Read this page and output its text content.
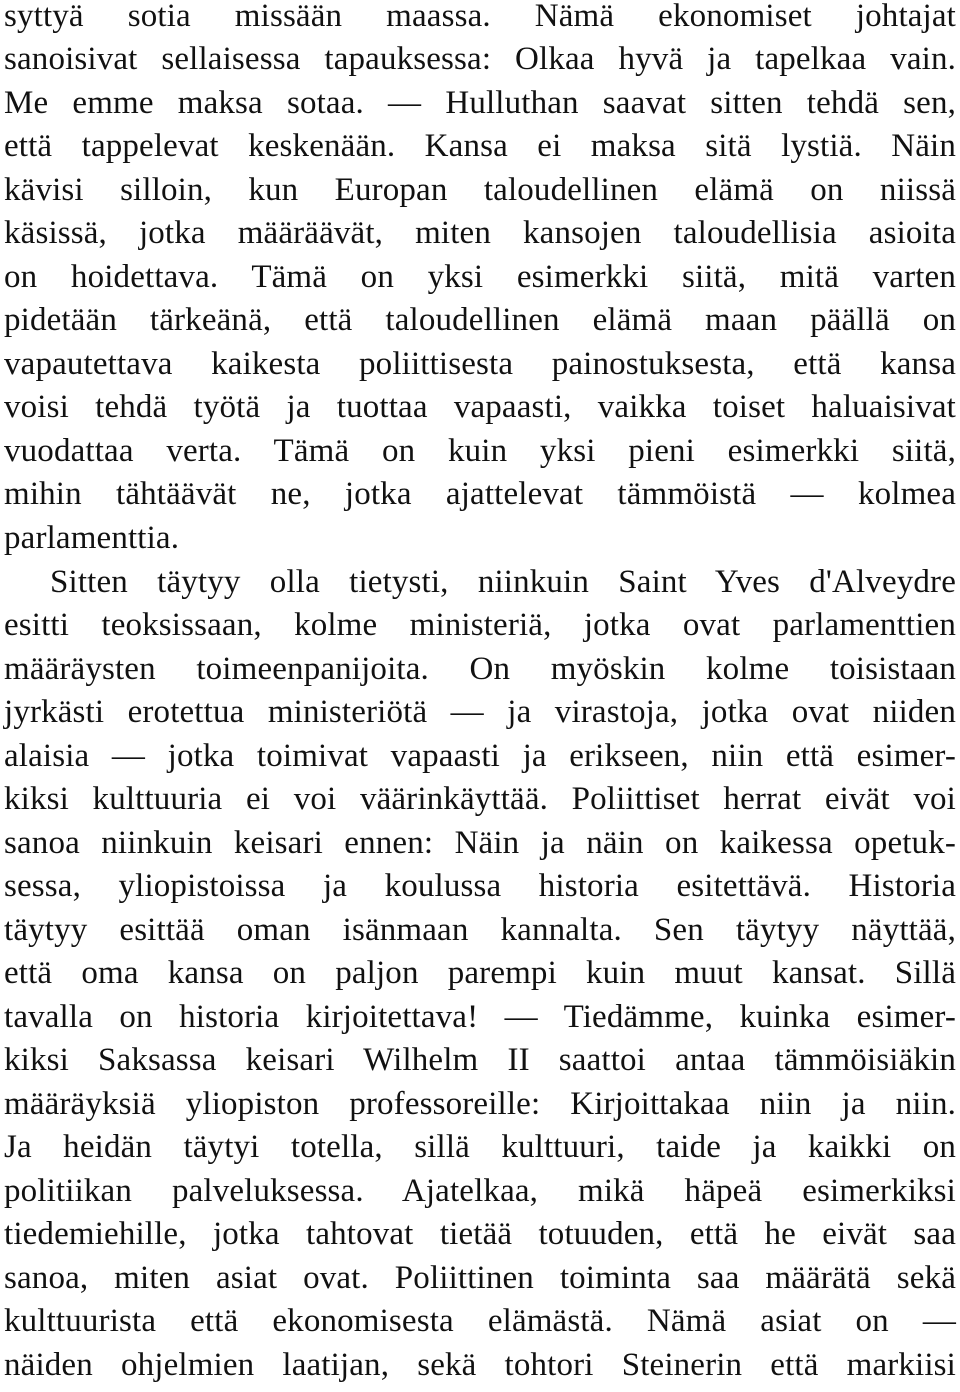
syttyä sotia missään maassa. Nämä ekonomiset johtajat
sanoisivat sellaisessa tapauksessa: Olkaa hyvä ja tapelkaa vain.
Me emme maksa sotaa. — Hulluthan saavat sitten tehdä sen,
että tappelevat keskenään. Kansa ei maksa sitä lystiä. Näin
kävisi silloin, kun Europan taloudellinen elämä on niissä
käsissä, jotka määräävät, miten kansojen taloudellisia asioita
on hoidettava. Tämä on yksi esimerkki siitä, mitä varten
pidetään tärkeänä, että taloudellinen elämä maan päällä on
vapautettava kaikesta poliittisesta painostuksesta, että kansa
voisi tehdä työtä ja tuottaa vapaasti, vaikka toiset haluaisivat
vuodattaa verta. Tämä on kuin yksi pieni esimerkki siitä,
mihin tähtäävät ne, jotka ajattelevat tämmöistä — kolmea
parlamenttia.
Sitten täytyy olla tietysti, niinkuin Saint Yves d'Alveydre
esitti teoksissaan, kolme ministeriä, jotka ovat parlamenttien
määräysten toimeenpanijoita. On myöskin kolme toisistaan
jyrkästi erotettua ministeriötä — ja virastoja, jotka ovat niiden
alaisia — jotka toimivat vapaasti ja erikseen, niin että esimer-
kiksi kulttuuria ei voi väärinkäyttää. Poliittiset herrat eivät voi
sanoa niinkuin keisari ennen: Näin ja näin on kaikessa opetuk-
sessa, yliopistoissa ja koulussa historia esitettävä. Historia
täytyy esittää oman isänmaan kannalta. Sen täytyy näyttää,
että oma kansa on paljon parempi kuin muut kansat. Sillä
tavalla on historia kirjoitettava! — Tiedämme, kuinka esimer-
kiksi Saksassa keisari Wilhelm II saattoi antaa tämmöisiäkin
määräyksiä yliopiston professoreille: Kirjoittakaa niin ja niin.
Ja heidän täytyi totella, sillä kulttuuri, taide ja kaikki on
politiikan palveluksessa. Ajatelkaa, mikä häpeä esimerkiksi
tiedemiehille, jotka tahtovat tietää totuuden, että he eivät saa
sanoa, miten asiat ovat. Poliittinen toiminta saa määrätä sekä
kulttuurista että ekonomisesta elämästä. Nämä asiat on —
näiden ohjelmien laatijan, sekä tohtori Steinerin että markiisi
